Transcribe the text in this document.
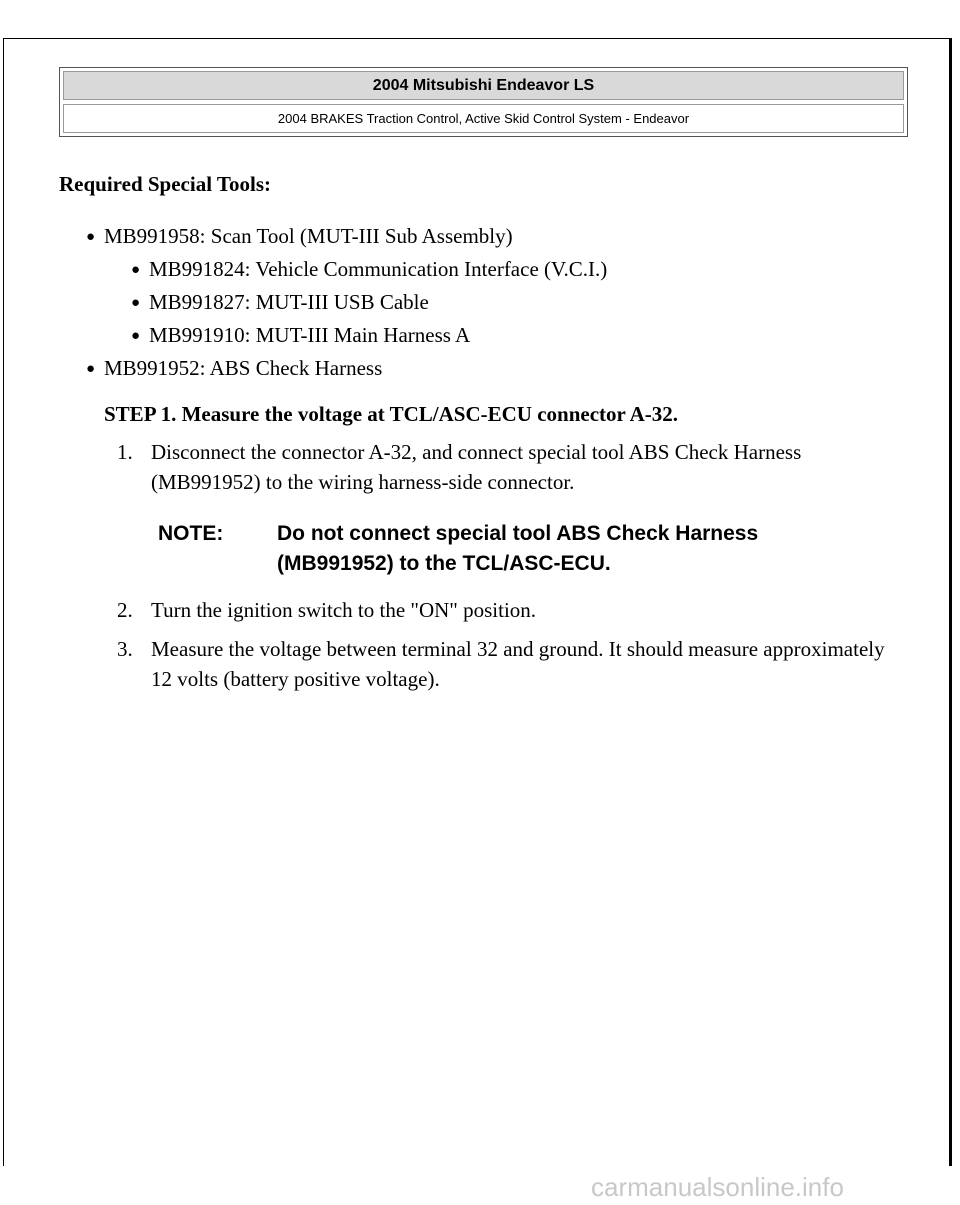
2004 Mitsubishi Endeavor LS
2004 BRAKES Traction Control, Active Skid Control System - Endeavor
Required Special Tools:
● MB991958: Scan Tool (MUT-III Sub Assembly)
● MB991824: Vehicle Communication Interface (V.C.I.)
● MB991827: MUT-III USB Cable
● MB991910: MUT-III Main Harness A
● MB991952: ABS Check Harness
STEP 1. Measure the voltage at TCL/ASC-ECU connector A-32.
1. Disconnect the connector A-32, and connect special tool ABS Check Harness (MB991952) to the wiring harness-side connector.
NOTE:	Do not connect special tool ABS Check Harness (MB991952) to the TCL/ASC-ECU.
2. Turn the ignition switch to the "ON" position.
3. Measure the voltage between terminal 32 and ground. It should measure approximately 12 volts (battery positive voltage).
carmanualsonline.info
